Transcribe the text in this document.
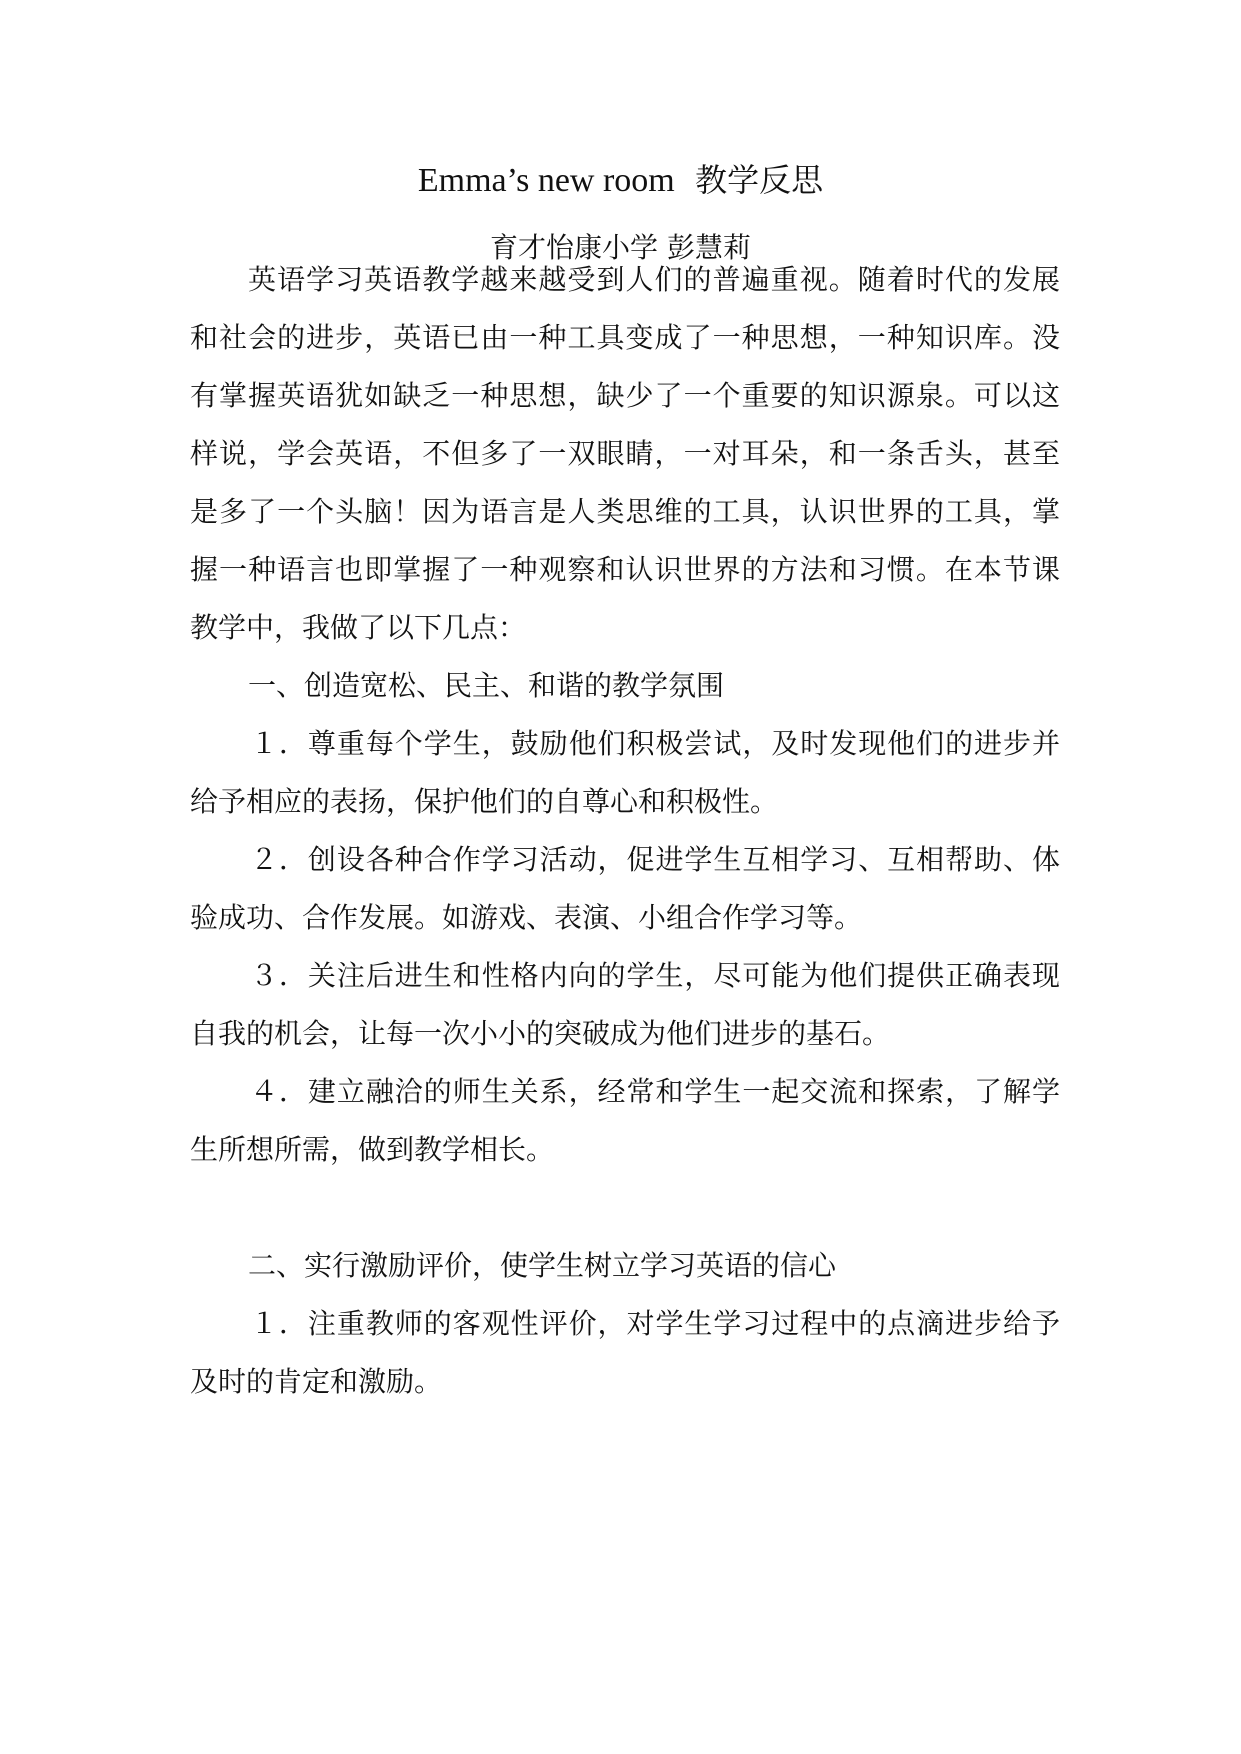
Emma’s new room 教学反思
育才怡康小学 彭慧莉
英语学习英语教学越来越受到人们的普遍重视。随着时代的发展
和社会的进步，英语已由一种工具变成了一种思想，一种知识库。没
有掌握英语犹如缺乏一种思想，缺少了一个重要的知识源泉。可以这
样说，学会英语，不但多了一双眼睛，一对耳朵，和一条舌头，甚至
是多了一个头脑！因为语言是人类思维的工具，认识世界的工具，掌
握一种语言也即掌握了一种观察和认识世界的方法和习惯。在本节课
教学中，我做了以下几点：
一、创造宽松、民主、和谐的教学氛围
１．尊重每个学生，鼓励他们积极尝试，及时发现他们的进步并
给予相应的表扬，保护他们的自尊心和积极性。
２．创设各种合作学习活动，促进学生互相学习、互相帮助、体
验成功、合作发展。如游戏、表演、小组合作学习等。
３．关注后进生和性格内向的学生，尽可能为他们提供正确表现
自我的机会，让每一次小小的突破成为他们进步的基石。
４．建立融洽的师生关系，经常和学生一起交流和探索，了解学
生所想所需，做到教学相长。
二、实行激励评价，使学生树立学习英语的信心
１．注重教师的客观性评价，对学生学习过程中的点滴进步给予
及时的肯定和激励。
